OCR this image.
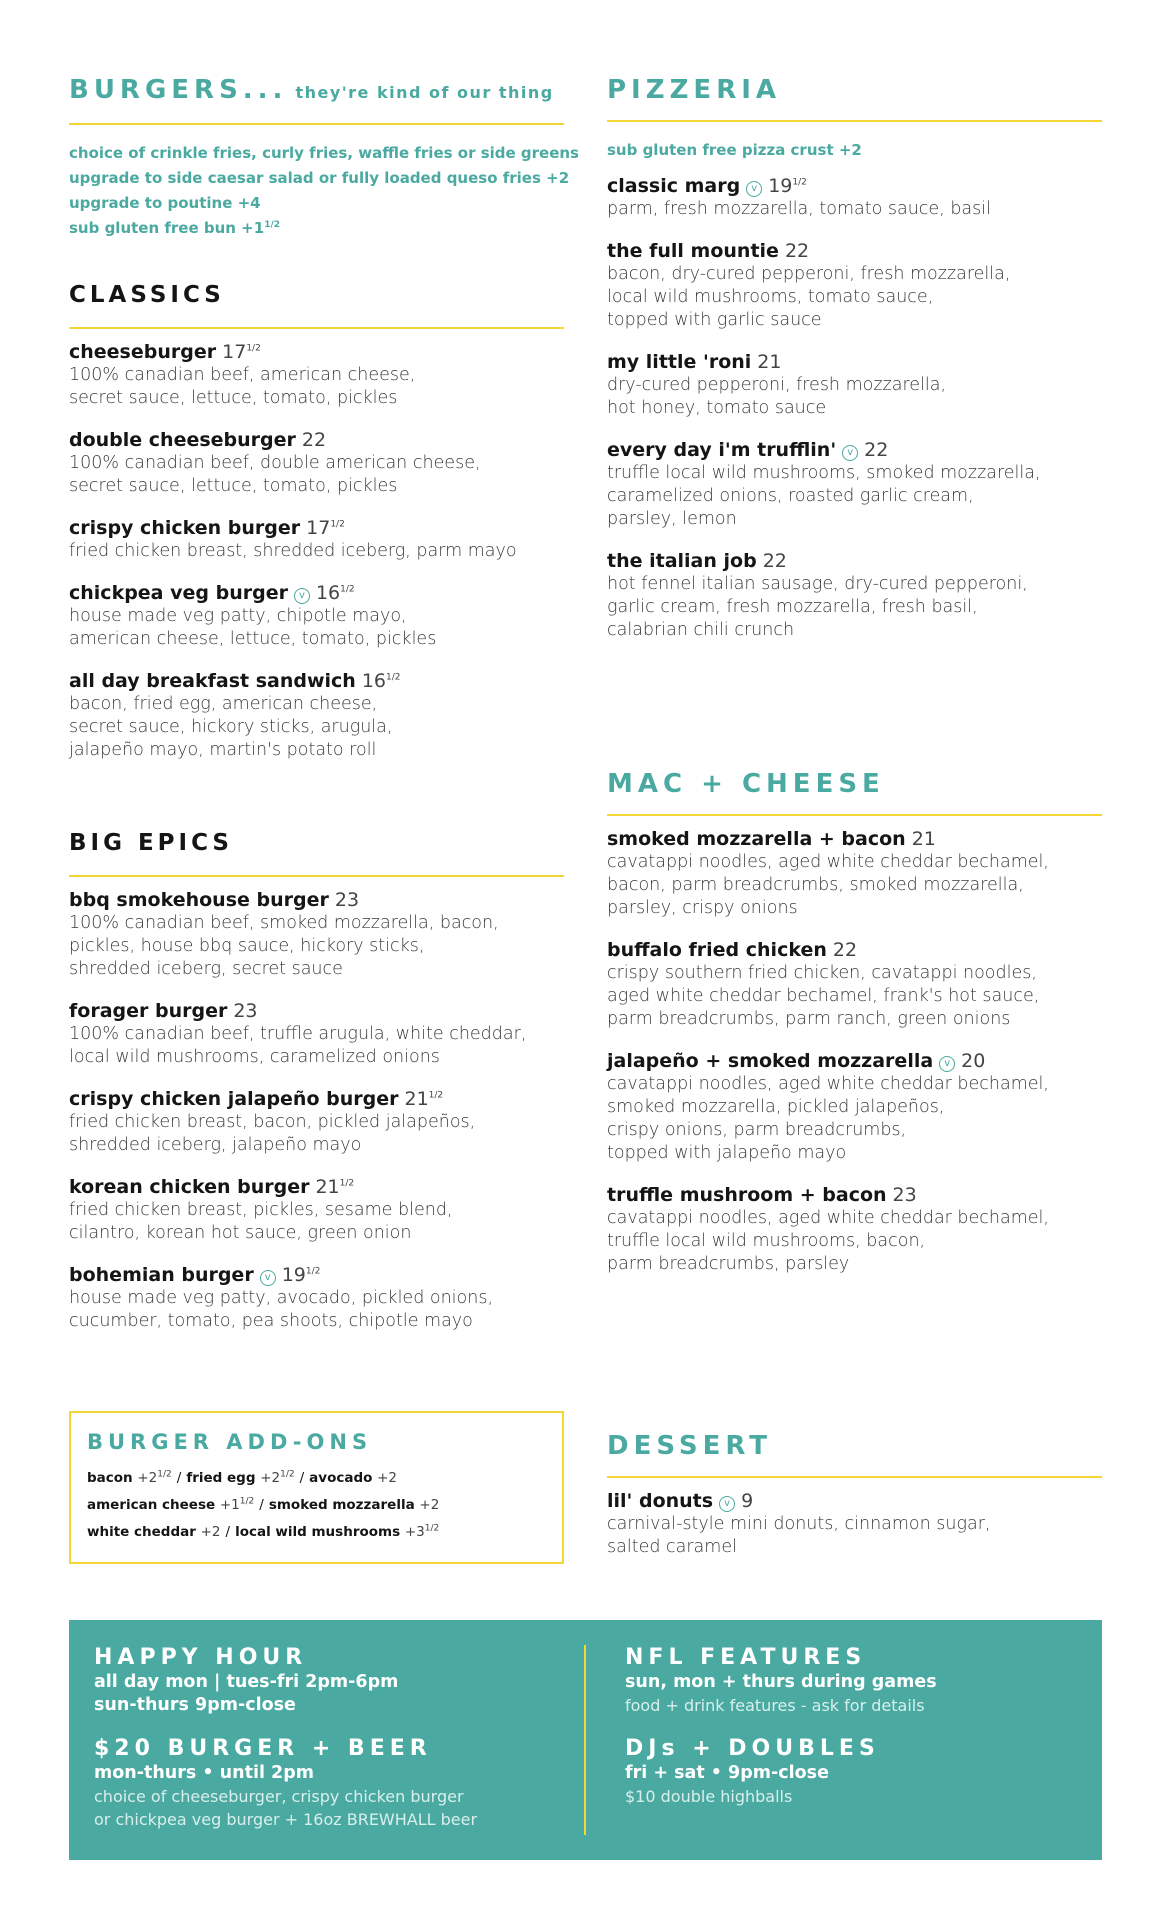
BURGERS... they're kind of our thing
choice of crinkle fries, curly fries, waffle fries or side greens
upgrade to side caesar salad or fully loaded queso fries +2
upgrade to poutine +4
sub gluten free bun $+1^{1/2}$
CLASSICS
cheeseburger $17^{1/2}$
100% canadian beef, american cheese,
secret sauce, lettuce, tomato, pickles
double cheeseburger 22
100% canadian beef, double american cheese,
secret sauce, lettuce, tomato, pickles
crispy chicken burger $17^{1/2}$
fried chicken breast, shredded iceberg, parm mayo
chickpea veg burger v $16^{1/2}$
house made veg patty, chipotle mayo,
american cheese, lettuce, tomato, pickles
all day breakfast sandwich $16^{1/2}$
bacon, fried egg, american cheese,
secret sauce, hickory sticks, arugula,
jalapeño mayo, martin's potato roll
BIG EPICS
bbq smokehouse burger 23
100% canadian beef, smoked mozzarella, bacon,
pickles, house bbq sauce, hickory sticks,
shredded iceberg, secret sauce
forager burger 23
100% canadian beef, truffle arugula, white cheddar,
local wild mushrooms, caramelized onions
crispy chicken jalapeño burger $21^{1/2}$
fried chicken breast, bacon, pickled jalapeños,
shredded iceberg, jalapeño mayo
korean chicken burger $21^{1/2}$
fried chicken breast, pickles, sesame blend,
cilantro, korean hot sauce, green onion
bohemian burger v $19^{1/2}$
house made veg patty, avocado, pickled onions,
cucumber, tomato, pea shoots, chipotle mayo
BURGER ADD-ONS
bacon $+2^{1/2}$ / fried egg $+2^{1/2}$ / avocado +2
american cheese $+1^{1/2}$ / smoked mozzarella +2
white cheddar +2 / local wild mushrooms $+3^{1/2}$
PIZZERIA
sub gluten free pizza crust +2
classic marg v $19^{1/2}$
parm, fresh mozzarella, tomato sauce, basil
the full mountie 22
bacon, dry-cured pepperoni, fresh mozzarella,
local wild mushrooms, tomato sauce,
topped with garlic sauce
my little 'roni 21
dry-cured pepperoni, fresh mozzarella,
hot honey, tomato sauce
every day i'm trufflin' v 22
truffle local wild mushrooms, smoked mozzarella,
caramelized onions, roasted garlic cream,
parsley, lemon
the italian job 22
hot fennel italian sausage, dry-cured pepperoni,
garlic cream, fresh mozzarella, fresh basil,
calabrian chili crunch
MAC + CHEESE
smoked mozzarella + bacon 21
cavatappi noodles, aged white cheddar bechamel,
bacon, parm breadcrumbs, smoked mozzarella,
parsley, crispy onions
buffalo fried chicken 22
crispy southern fried chicken, cavatappi noodles,
aged white cheddar bechamel, frank's hot sauce,
parm breadcrumbs, parm ranch, green onions
jalapeño + smoked mozzarella v 20
cavatappi noodles, aged white cheddar bechamel,
smoked mozzarella, pickled jalapeños,
crispy onions, parm breadcrumbs,
topped with jalapeño mayo
truffle mushroom + bacon 23
cavatappi noodles, aged white cheddar bechamel,
truffle local wild mushrooms, bacon,
parm breadcrumbs, parsley
DESSERT
lil' donuts v 9
carnival-style mini donuts, cinnamon sugar,
salted caramel
HAPPY HOUR
all day mon | tues-fri 2pm-6pm
sun-thurs 9pm-close
$20 BURGER + BEER
mon-thurs • until 2pm
choice of cheeseburger, crispy chicken burger
or chickpea veg burger + 16oz BREWHALL beer
NFL FEATURES
sun, mon + thurs during games
food + drink features - ask for details
DJs + DOUBLES
fri + sat • 9pm-close
$10 double highballs
